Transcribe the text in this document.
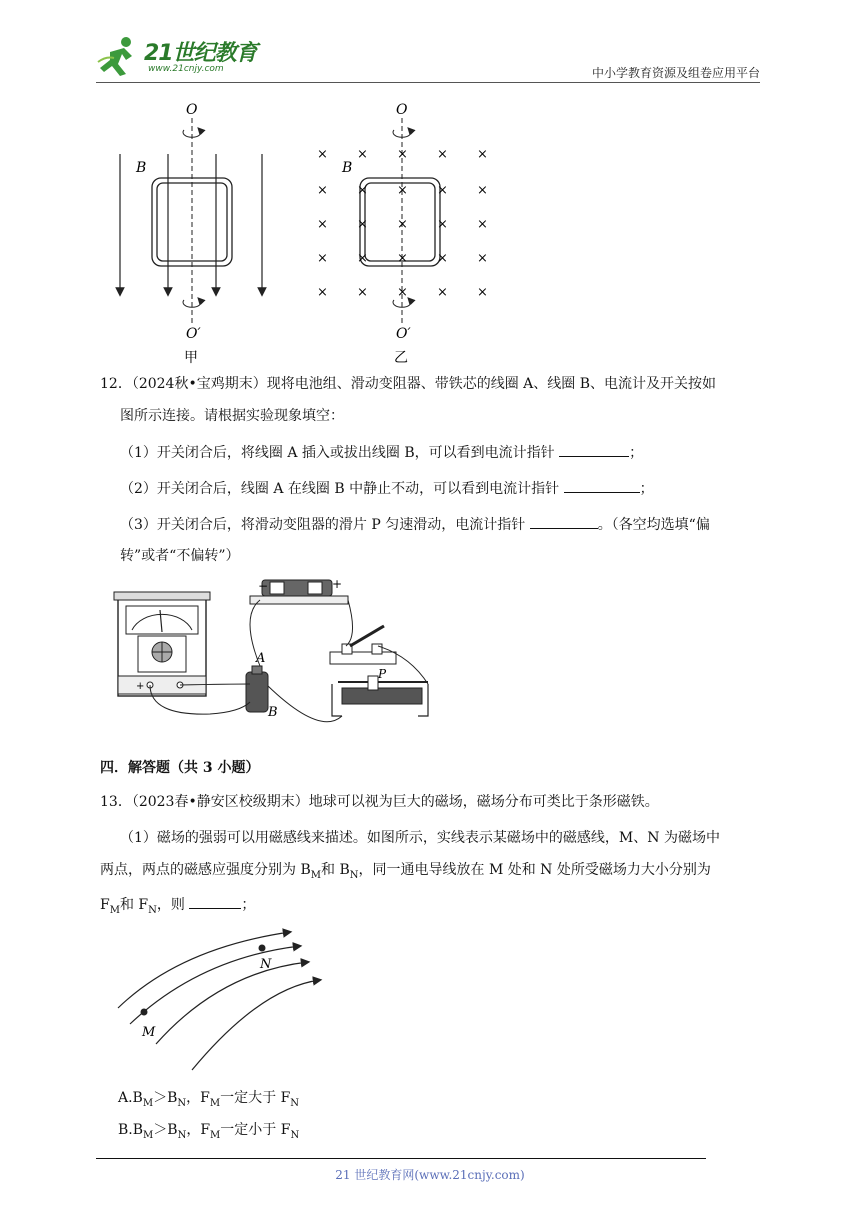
21世纪教育
www.21cnjy.com	中小学教育资源及组卷应用平台
O
B
O′
甲
× × × × ×
× × × × ×
× × × × ×
× × × × ×
× × × × ×
O
B
O′
乙
12．（2024秋•宝鸡期末）现将电池组、滑动变阻器、带铁芯的线圈 A、线圈 B、电流计及开关按如
图所示连接。请根据实验现象填空：
（1）开关闭合后，将线圈 A 插入或拔出线圈 B，可以看到电流计指针	；
（2）开关闭合后，线圈 A 在线圈 B 中静止不动，可以看到电流计指针	；
（3）开关闭合后，将滑动变阻器的滑片 P 匀速滑动，电流计指针	。（各空均选填“偏
转”或者“不偏转”）
+
−	+
P
A
B
四．解答题（共 3 小题）
13．（2023春•静安区校级期末）地球可以视为巨大的磁场，磁场分布可类比于条形磁铁。
（1）磁场的强弱可以用磁感线来描述。如图所示，实线表示某磁场中的磁感线，M、N 为磁场中
两点，两点的磁感应强度分别为 $B_M$和 $B_N$，同一通电导线放在 M 处和 N 处所受磁场力大小分别为
$F_M$和 $F_N$，则	；
N
M
$A.B_M>B_N$，$F_M$一定大于 $F_N$
$B.B_M>B_N$，$F_M$一定小于 $F_N$
21 世纪教育网(www.21cnjy.com)
